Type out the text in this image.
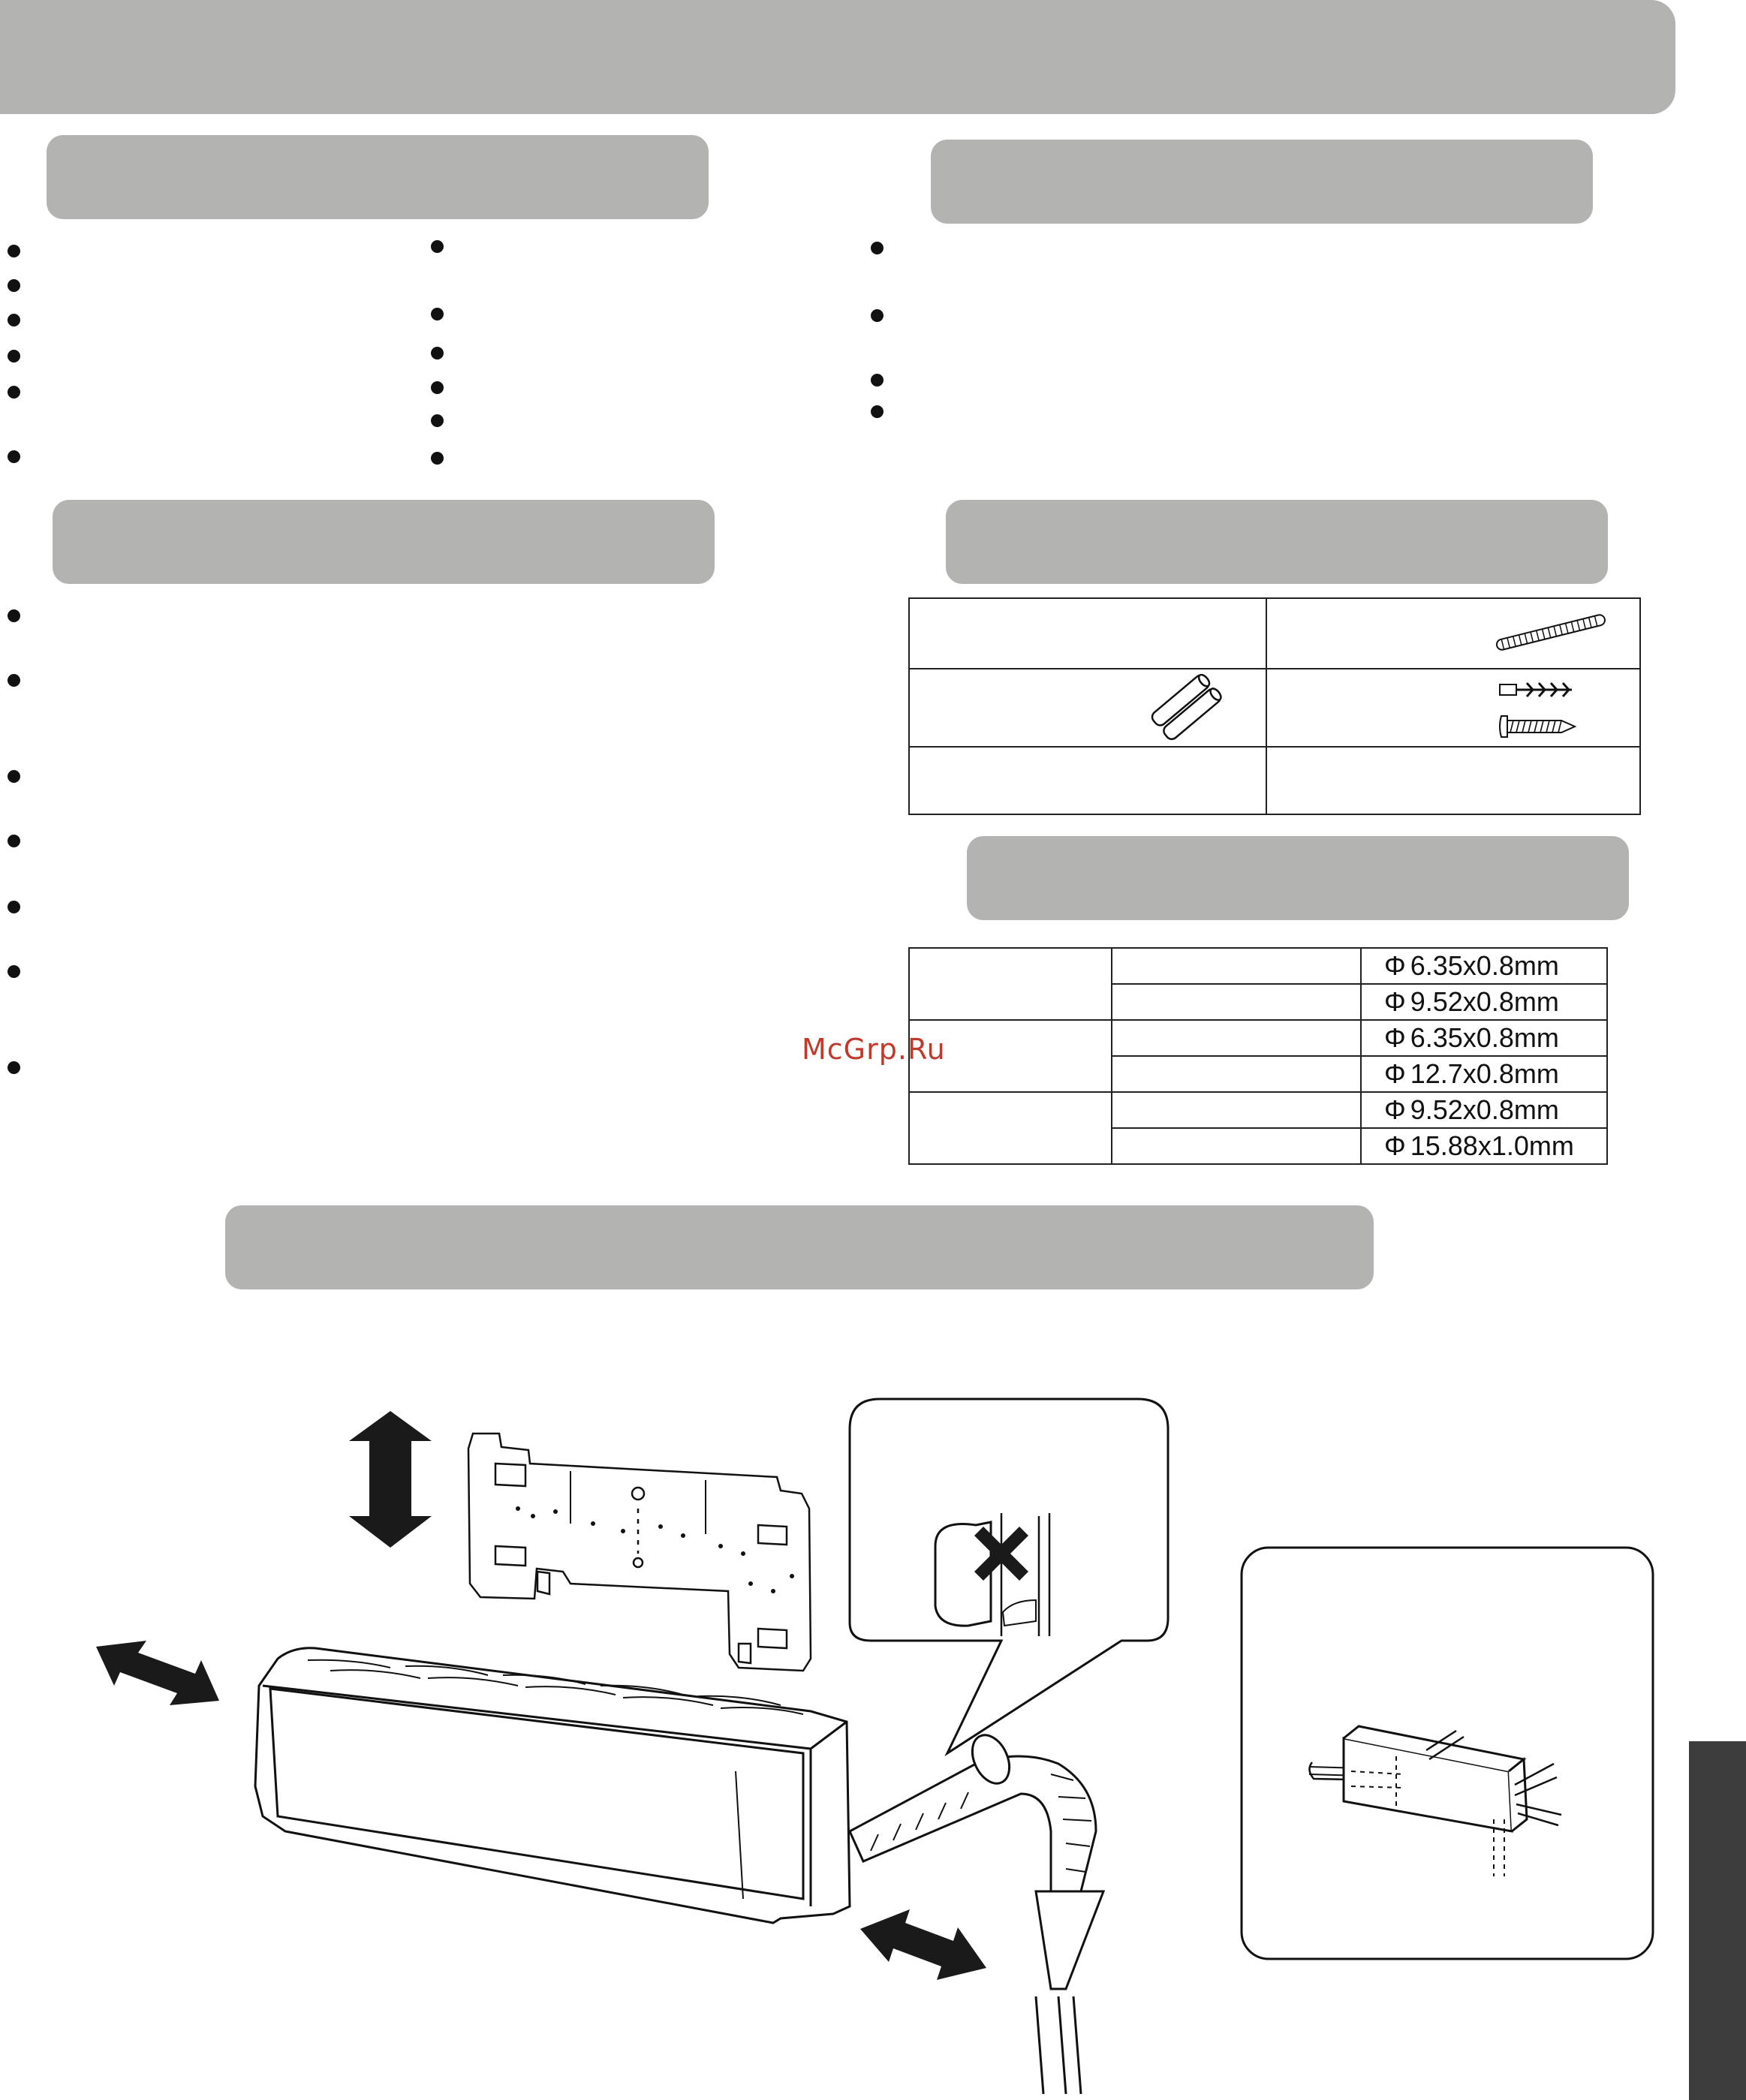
		Φ 6.35x0.8mm
		Φ 9.52x0.8mm
		Φ 6.35x0.8mm
		Φ 12.7x0.8mm
		Φ 9.52x0.8mm
		Φ 15.88x1.0mm
McGrp.Ru
